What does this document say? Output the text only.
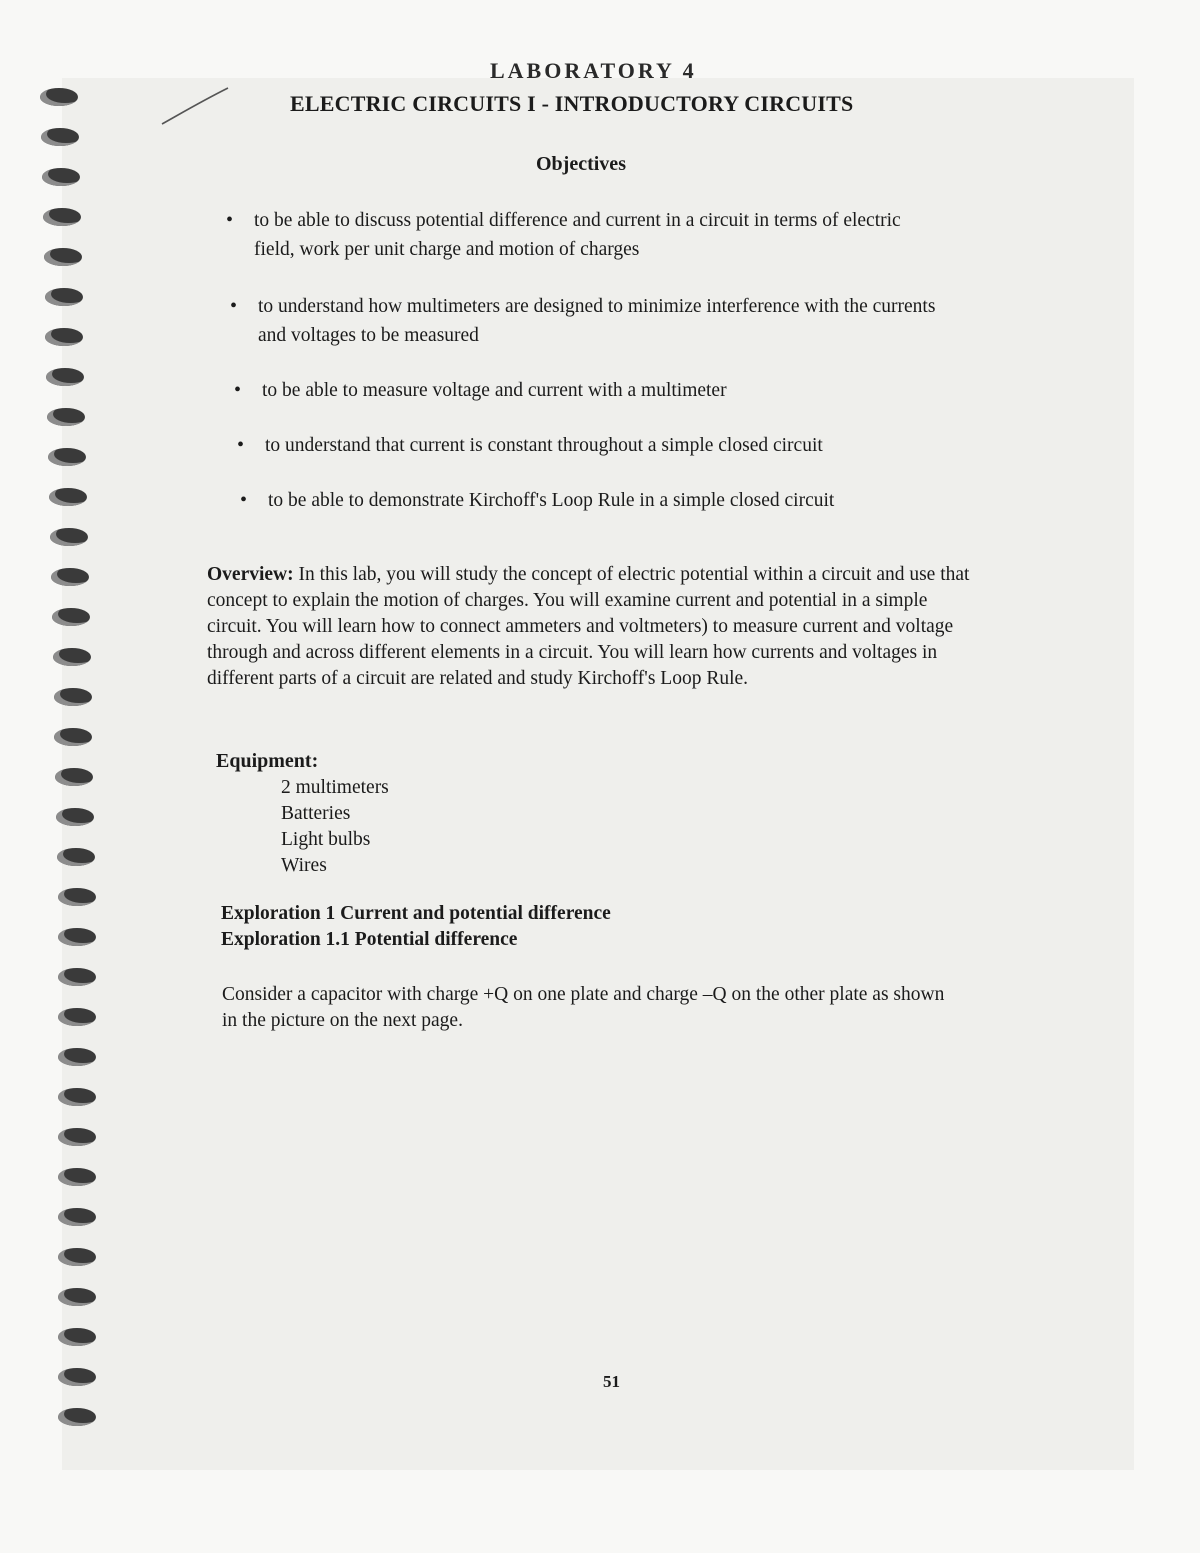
LABORATORY 4
ELECTRIC CIRCUITS I - INTRODUCTORY CIRCUITS
Objectives
• to be able to discuss potential difference and current in a circuit in terms of electric field, work per unit charge and motion of charges
• to understand how multimeters are designed to minimize interference with the currents and voltages to be measured
• to be able to measure voltage and current with a multimeter
• to understand that current is constant throughout a simple closed circuit
• to be able to demonstrate Kirchoff's Loop Rule in a simple closed circuit
Overview: In this lab, you will study the concept of electric potential within a circuit and use that concept to explain the motion of charges. You will examine current and potential in a simple circuit. You will learn how to connect ammeters and voltmeters) to measure current and voltage through and across different elements in a circuit. You will learn how currents and voltages in different parts of a circuit are related and study Kirchoff's Loop Rule.
Equipment:
2 multimeters
Batteries
Light bulbs
Wires
Exploration 1 Current and potential difference
Exploration 1.1 Potential difference
Consider a capacitor with charge +Q on one plate and charge –Q on the other plate as shown in the picture on the next page.
51
